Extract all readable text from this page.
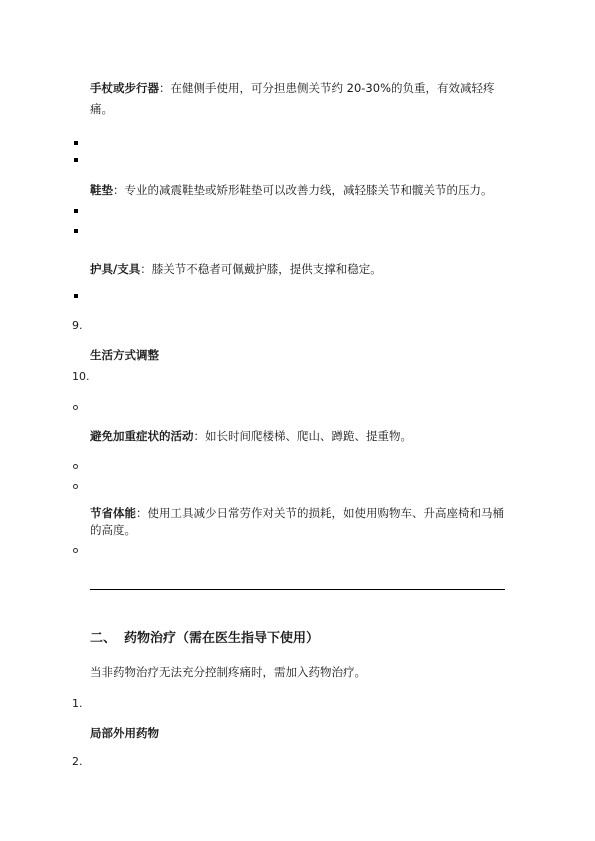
手杖或步行器：在健侧手使用，可分担患侧关节约 20-30%的负重，有效减轻疼痛。
鞋垫：专业的减震鞋垫或矫形鞋垫可以改善力线，减轻膝关节和髋关节的压力。
护具/支具：膝关节不稳者可佩戴护膝，提供支撑和稳定。
9.
生活方式调整
10.
避免加重症状的活动：如长时间爬楼梯、爬山、蹲跪、提重物。
节省体能：使用工具减少日常劳作对关节的损耗，如使用购物车、升高座椅和马桶的高度。
二、 药物治疗（需在医生指导下使用）
当非药物治疗无法充分控制疼痛时，需加入药物治疗。
1.
局部外用药物
2.
